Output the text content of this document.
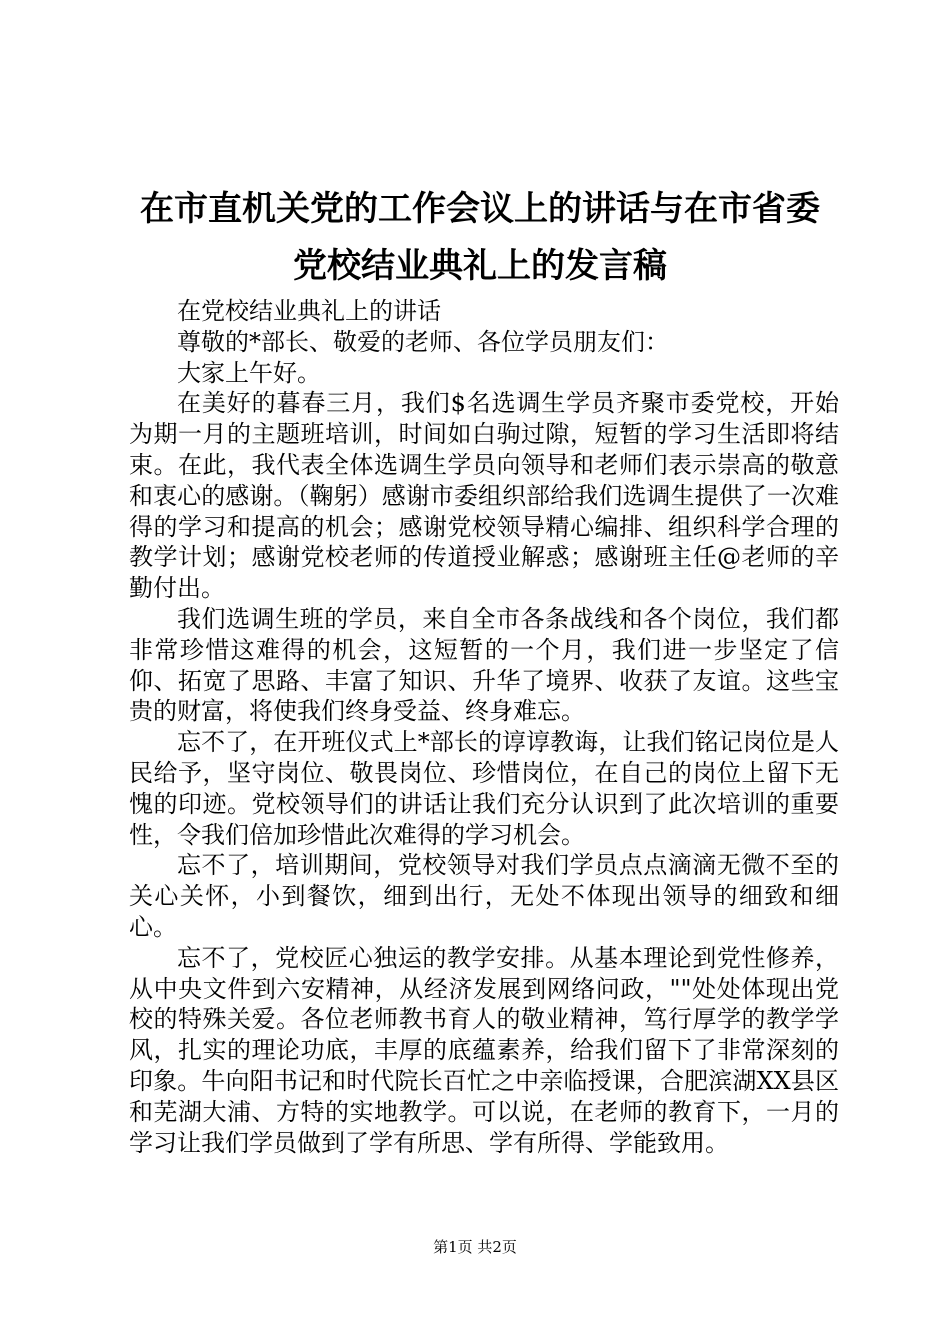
在市直机关党的工作会议上的讲话与在市省委
党校结业典礼上的发言稿

在党校结业典礼上的讲话

尊敬的*部长、敬爱的老师、各位学员朋友们：

大家上午好。

在美好的暮春三月，我们$名选调生学员齐聚市委党校，开始为期一月的主题班培训，时间如白驹过隙，短暂的学习生活即将结束。在此，我代表全体选调生学员向领导和老师们表示崇高的敬意和衷心的感谢。（鞠躬）感谢市委组织部给我们选调生提供了一次难得的学习和提高的机会；感谢党校领导精心编排、组织科学合理的教学计划；感谢党校老师的传道授业解惑；感谢班主任@老师的辛勤付出。

我们选调生班的学员，来自全市各条战线和各个岗位，我们都非常珍惜这难得的机会，这短暂的一个月，我们进一步坚定了信仰、拓宽了思路、丰富了知识、升华了境界、收获了友谊。这些宝贵的财富，将使我们终身受益、终身难忘。

忘不了，在开班仪式上*部长的谆谆教诲，让我们铭记岗位是人民给予，坚守岗位、敬畏岗位、珍惜岗位，在自己的岗位上留下无愧的印迹。党校领导们的讲话让我们充分认识到了此次培训的重要性，令我们倍加珍惜此次难得的学习机会。

忘不了，培训期间，党校领导对我们学员点点滴滴无微不至的关心关怀，小到餐饮，细到出行，无处不体现出领导的细致和细心。

忘不了，党校匠心独运的教学安排。从基本理论到党性修养，从中央文件到六安精神，从经济发展到网络问政，""处处体现出党校的特殊关爱。各位老师教书育人的敬业精神，笃行厚学的教学学风，扎实的理论功底，丰厚的底蕴素养，给我们留下了非常深刻的印象。牛向阳书记和时代院长百忙之中亲临授课，合肥滨湖XX县区和芜湖大浦、方特的实地教学。可以说，在老师的教育下，一月的学习让我们学员做到了学有所思、学有所得、学能致用。

第1页 共2页
